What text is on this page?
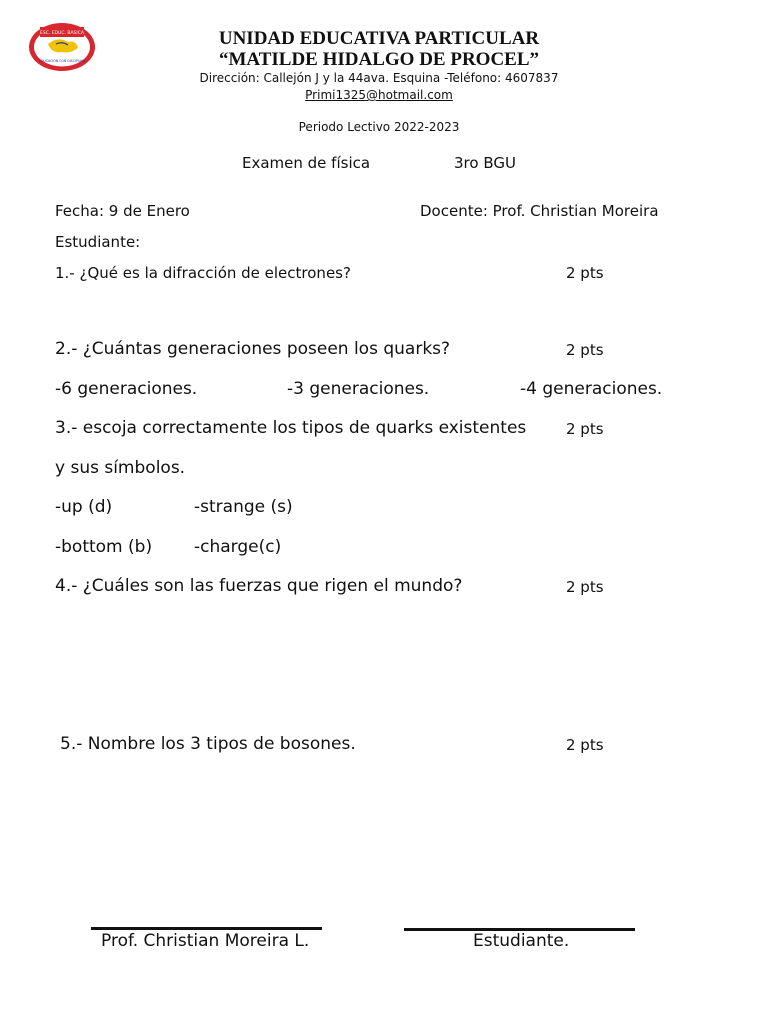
ESC. EDUC. BASICA
EDUCACIÓN CON DISCIPLINA
UNIDAD EDUCATIVA PARTICULAR
“MATILDE HIDALGO DE PROCEL”
Dirección: Callejón J y la 44ava. Esquina -Teléfono: 4607837
Primi1325@hotmail.com
Periodo Lectivo 2022-2023
Examen de física	3ro BGU
Fecha: 9 de Enero	Docente: Prof. Christian Moreira
Estudiante:
1.- ¿Qué es la difracción de electrones?	2 pts
2.- ¿Cuántas generaciones poseen los quarks?	2 pts
-6 generaciones.	-3 generaciones.	-4 generaciones.
3.- escoja correctamente los tipos de quarks existentes	2 pts
y sus símbolos.
-up (d)	-strange (s)
-bottom (b) -charge(c)
4.- ¿Cuáles son las fuerzas que rigen el mundo?	2 pts
5.- Nombre los 3 tipos de bosones.	2 pts
Prof. Christian Moreira L.	Estudiante.
